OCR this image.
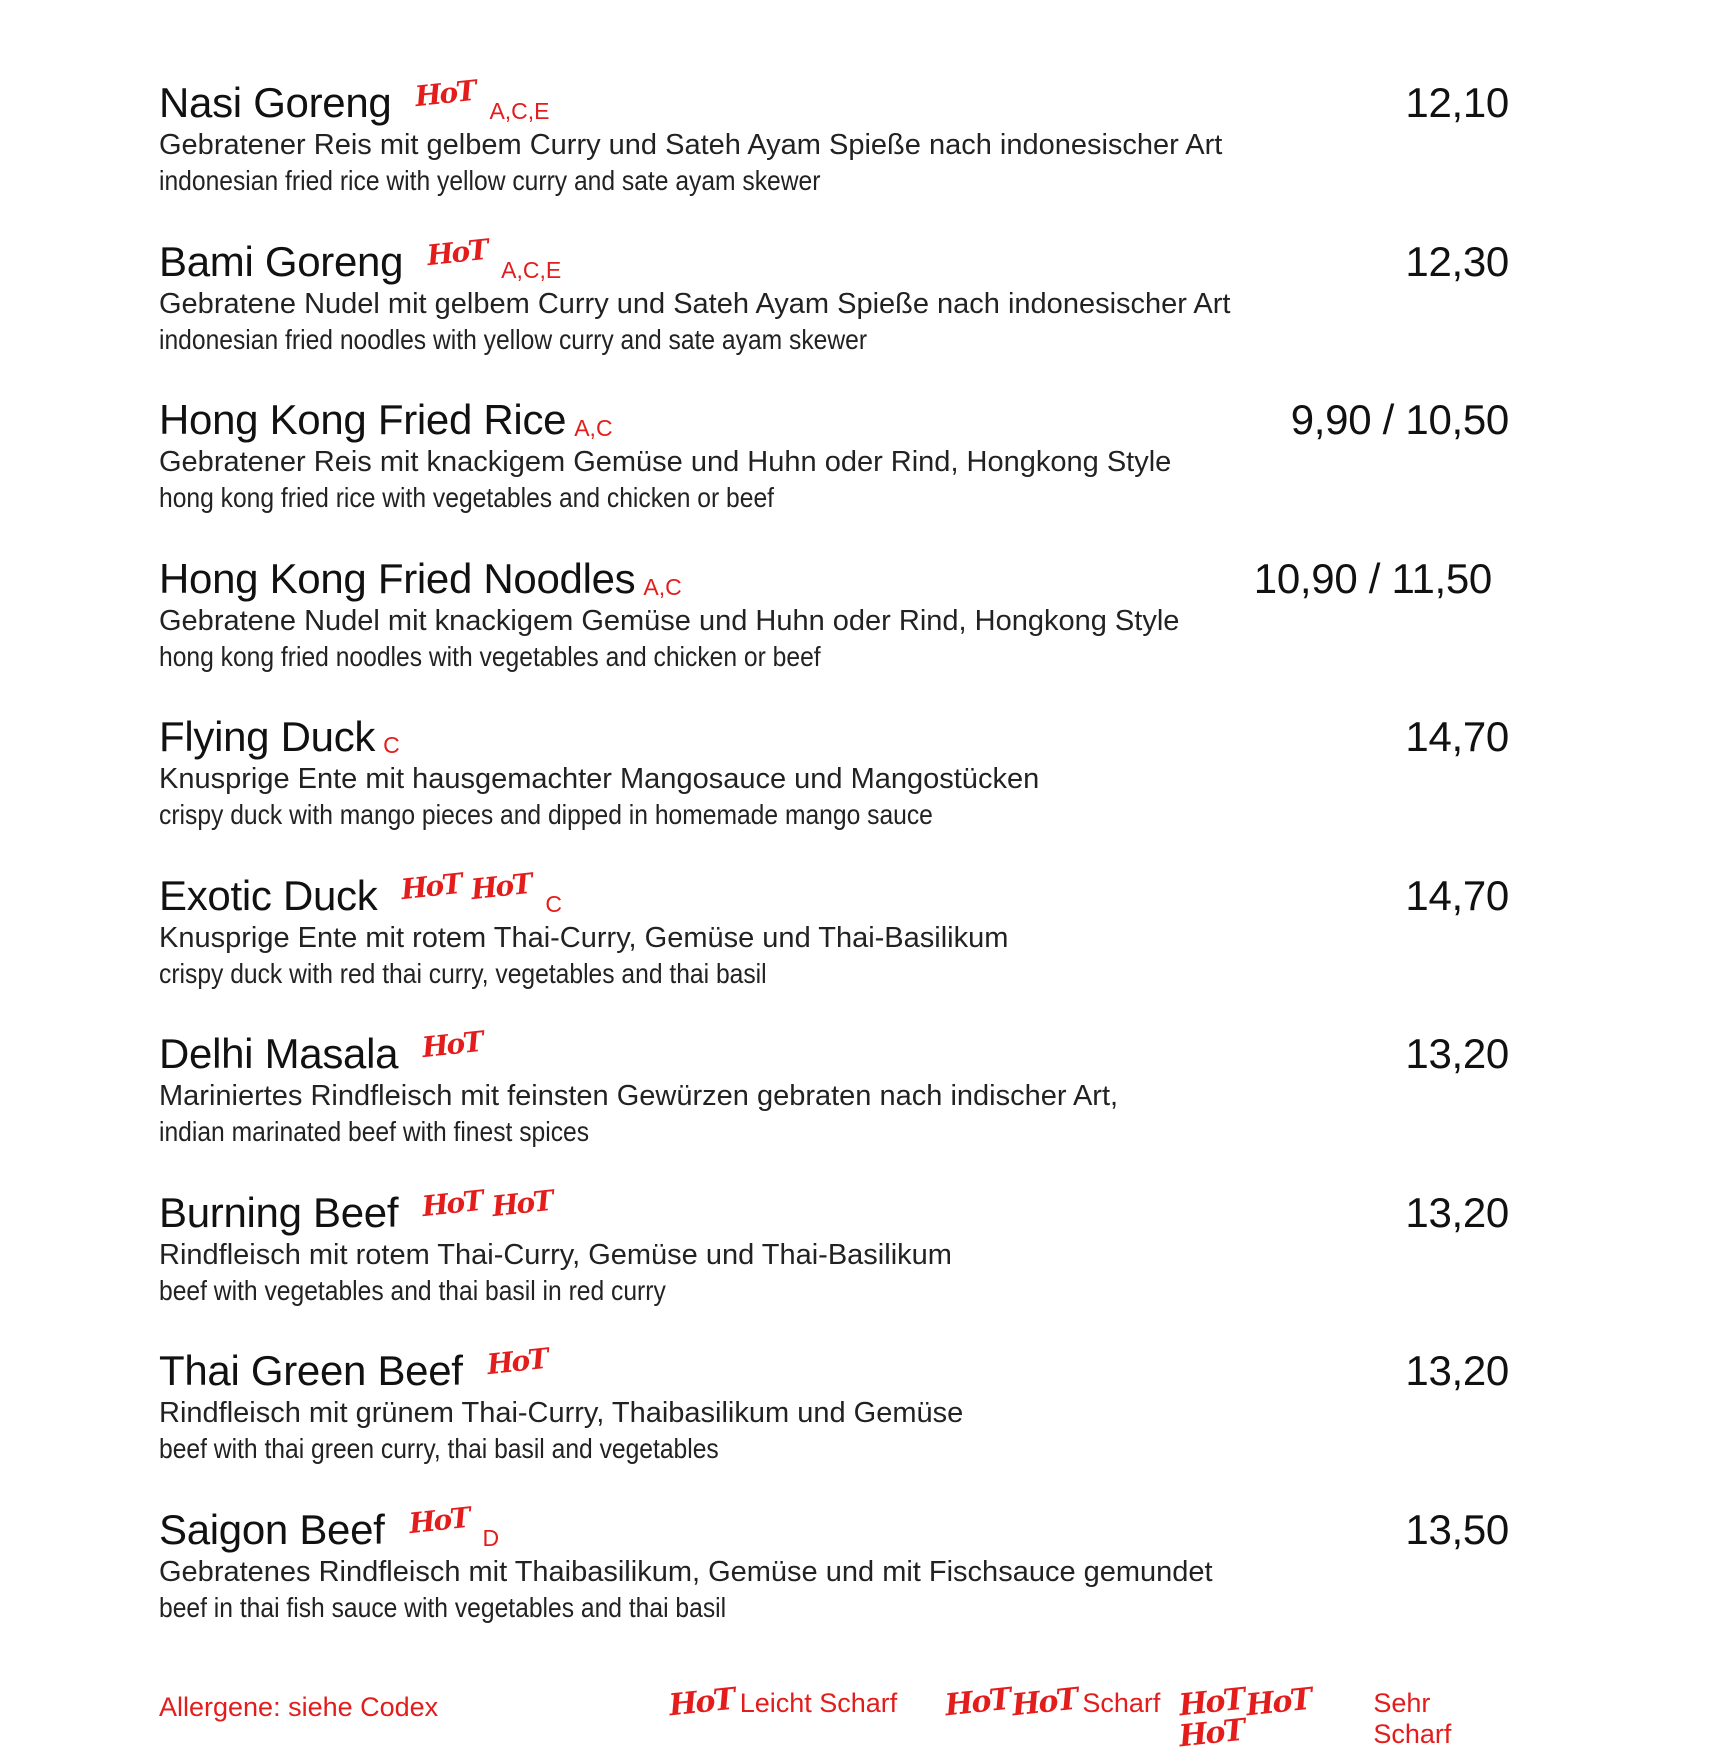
Nasi Goreng HoT A,C,E	12,10
Gebratener Reis mit gelbem Curry und Sateh Ayam Spieße nach indonesischer Art
indonesian fried rice with yellow curry and sate ayam skewer
Bami Goreng HoT A,C,E	12,30
Gebratene Nudel mit gelbem Curry und Sateh Ayam Spieße nach indonesischer Art
indonesian fried noodles with yellow curry and sate ayam skewer
Hong Kong Fried Rice A,C	9,90 / 10,50
Gebratener Reis mit knackigem Gemüse und Huhn oder Rind, Hongkong Style
hong kong fried rice with vegetables and chicken or beef
Hong Kong Fried Noodles A,C	10,90 / 11,50
Gebratene Nudel mit knackigem Gemüse und Huhn oder Rind, Hongkong Style
hong kong fried noodles with vegetables and chicken or beef
Flying Duck C	14,70
Knusprige Ente mit hausgemachter Mangosauce und Mangostücken
crispy duck with mango pieces and dipped in homemade mango sauce
Exotic Duck HoT HoT C	14,70
Knusprige Ente mit rotem Thai-Curry, Gemüse und Thai-Basilikum
crispy duck with red thai curry, vegetables and thai basil
Delhi Masala HoT	13,20
Mariniertes Rindfleisch mit feinsten Gewürzen gebraten nach indischer Art,
indian marinated beef with finest spices
Burning Beef HoT HoT	13,20
Rindfleisch mit rotem Thai-Curry, Gemüse und Thai-Basilikum
beef with vegetables and thai basil in red curry
Thai Green Beef HoT	13,20
Rindfleisch mit grünem Thai-Curry, Thaibasilikum und Gemüse
beef with thai green curry, thai basil and vegetables
Saigon Beef HoT D	13,50
Gebratenes Rindfleisch mit Thaibasilikum, Gemüse und mit Fischsauce gemundet
beef in thai fish sauce with vegetables and thai basil
Allergene: siehe Codex	HoT Leicht Scharf HoTHoT Scharf HoTHoTHoT
Sehr Scharf
